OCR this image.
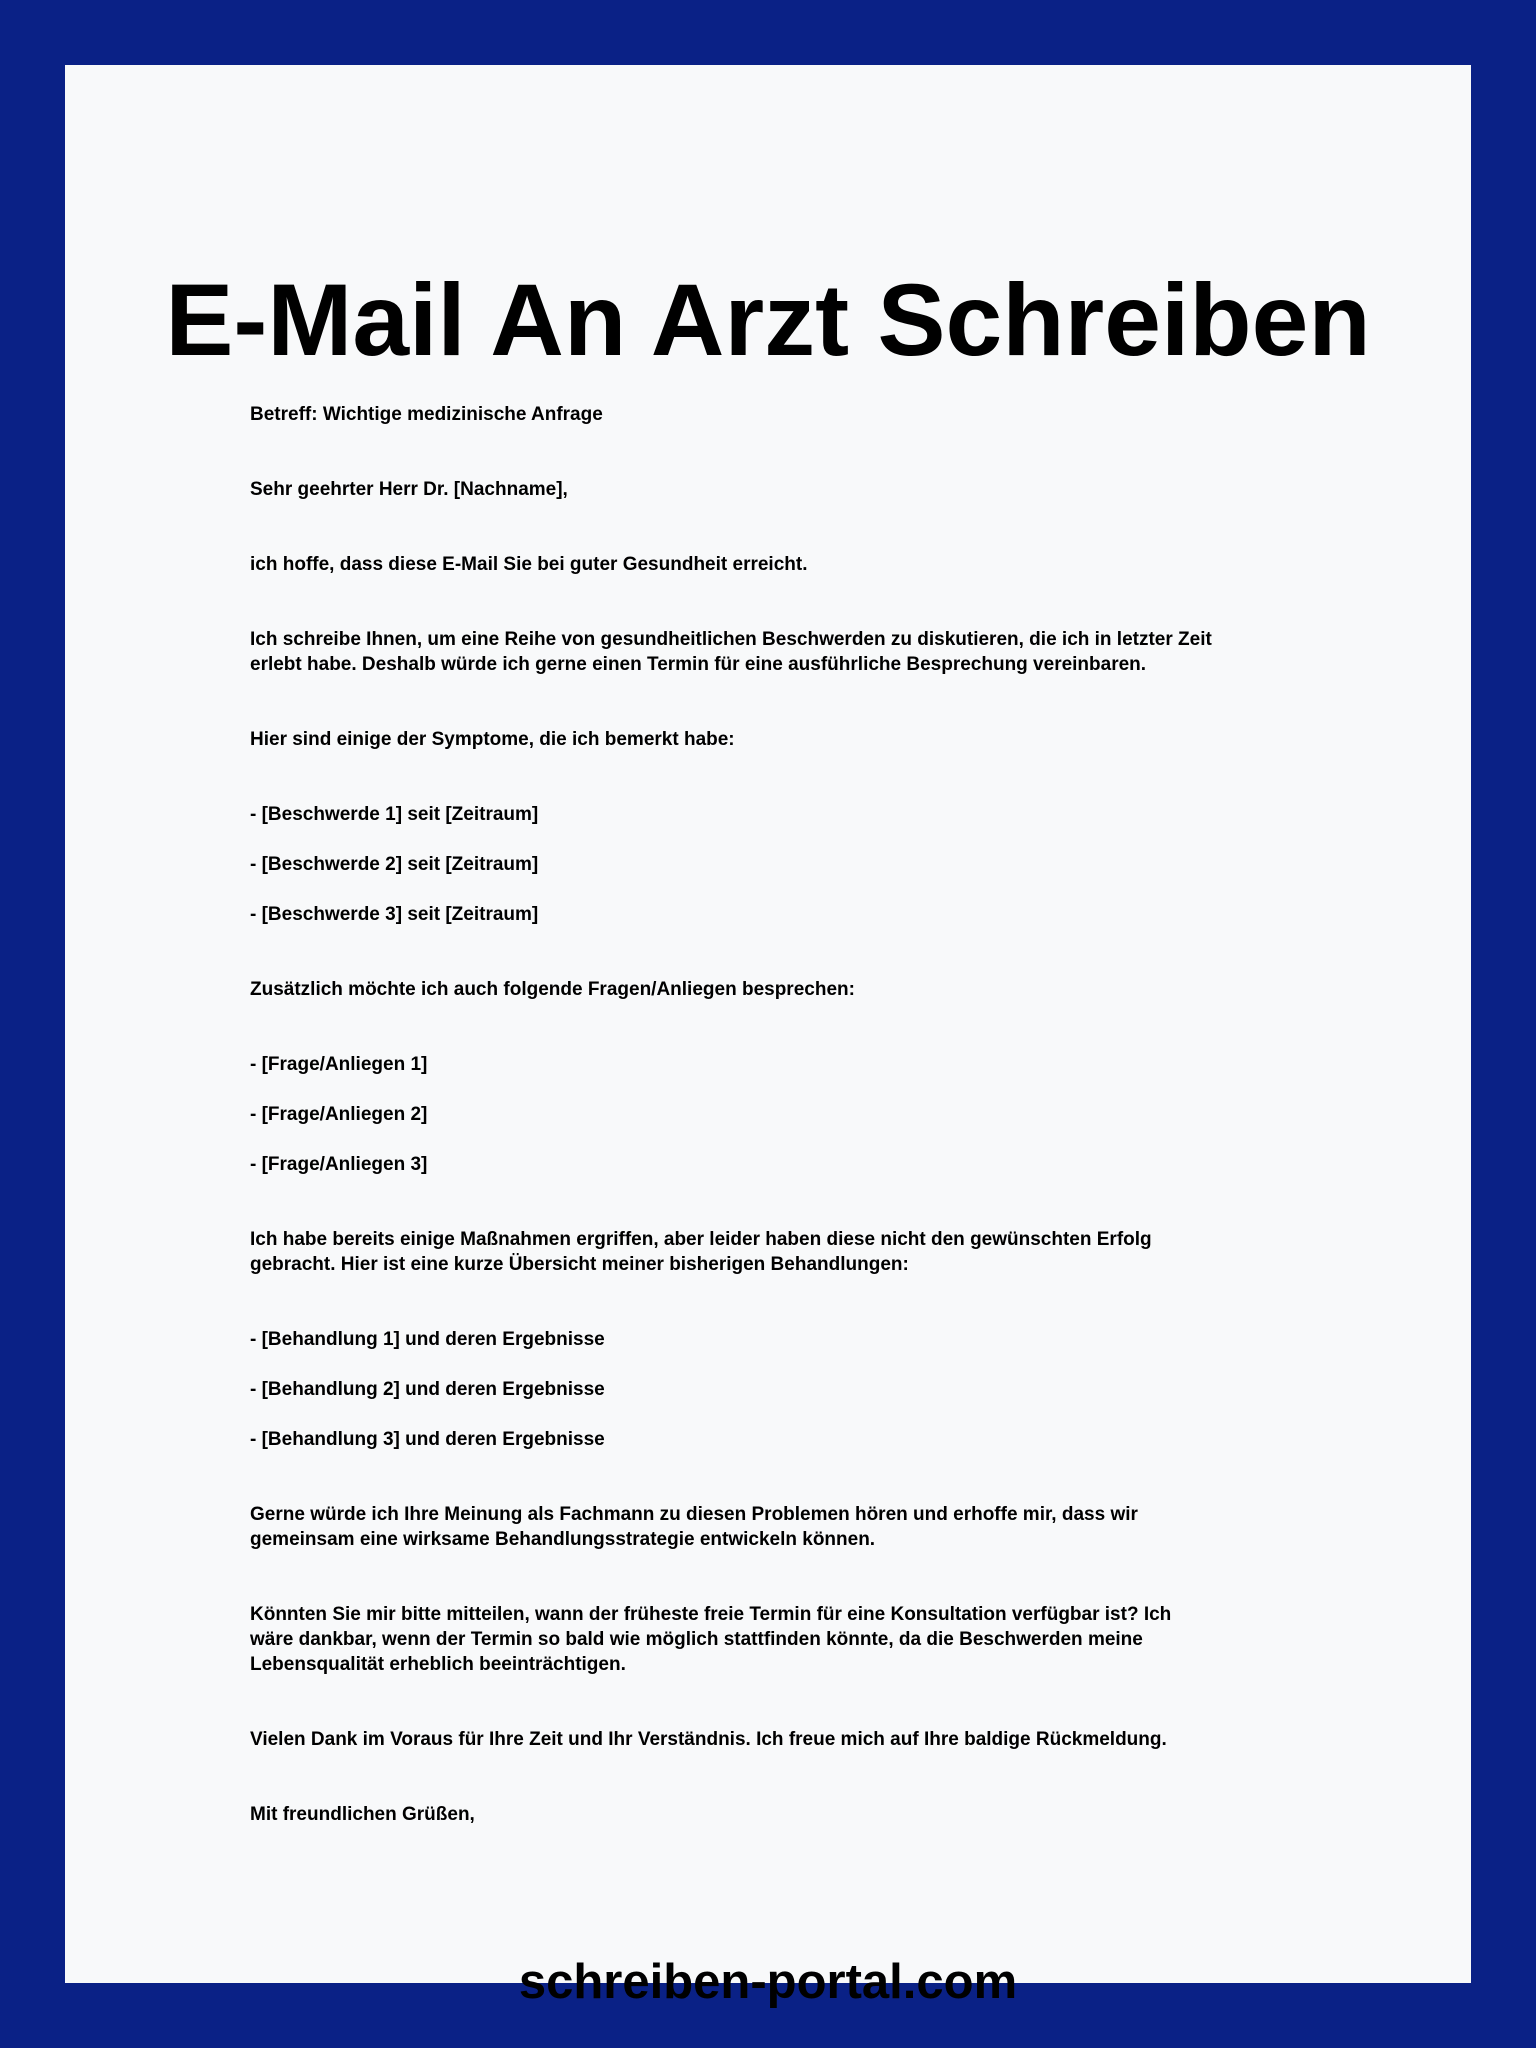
E-Mail An Arzt Schreiben

Betreff: Wichtige medizinische Anfrage

Sehr geehrter Herr Dr. [Nachname],

ich hoffe, dass diese E-Mail Sie bei guter Gesundheit erreicht.

Ich schreibe Ihnen, um eine Reihe von gesundheitlichen Beschwerden zu diskutieren, die ich in letzter Zeit
erlebt habe. Deshalb würde ich gerne einen Termin für eine ausführliche Besprechung vereinbaren.

Hier sind einige der Symptome, die ich bemerkt habe:

- [Beschwerde 1] seit [Zeitraum]

- [Beschwerde 2] seit [Zeitraum]

- [Beschwerde 3] seit [Zeitraum]

Zusätzlich möchte ich auch folgende Fragen/Anliegen besprechen:

- [Frage/Anliegen 1]

- [Frage/Anliegen 2]

- [Frage/Anliegen 3]

Ich habe bereits einige Maßnahmen ergriffen, aber leider haben diese nicht den gewünschten Erfolg
gebracht. Hier ist eine kurze Übersicht meiner bisherigen Behandlungen:

- [Behandlung 1] und deren Ergebnisse

- [Behandlung 2] und deren Ergebnisse

- [Behandlung 3] und deren Ergebnisse

Gerne würde ich Ihre Meinung als Fachmann zu diesen Problemen hören und erhoffe mir, dass wir
gemeinsam eine wirksame Behandlungsstrategie entwickeln können.
Könnten Sie mir bitte mitteilen, wann der früheste freie Termin für eine Konsultation verfügbar ist? Ich
wäre dankbar, wenn der Termin so bald wie möglich stattfinden könnte, da die Beschwerden meine
Lebensqualität erheblich beeinträchtigen.

Vielen Dank im Voraus für Ihre Zeit und Ihr Verständnis. Ich freue mich auf Ihre baldige Rückmeldung.

Mit freundlichen Grüßen,

schreiben-portal.com
